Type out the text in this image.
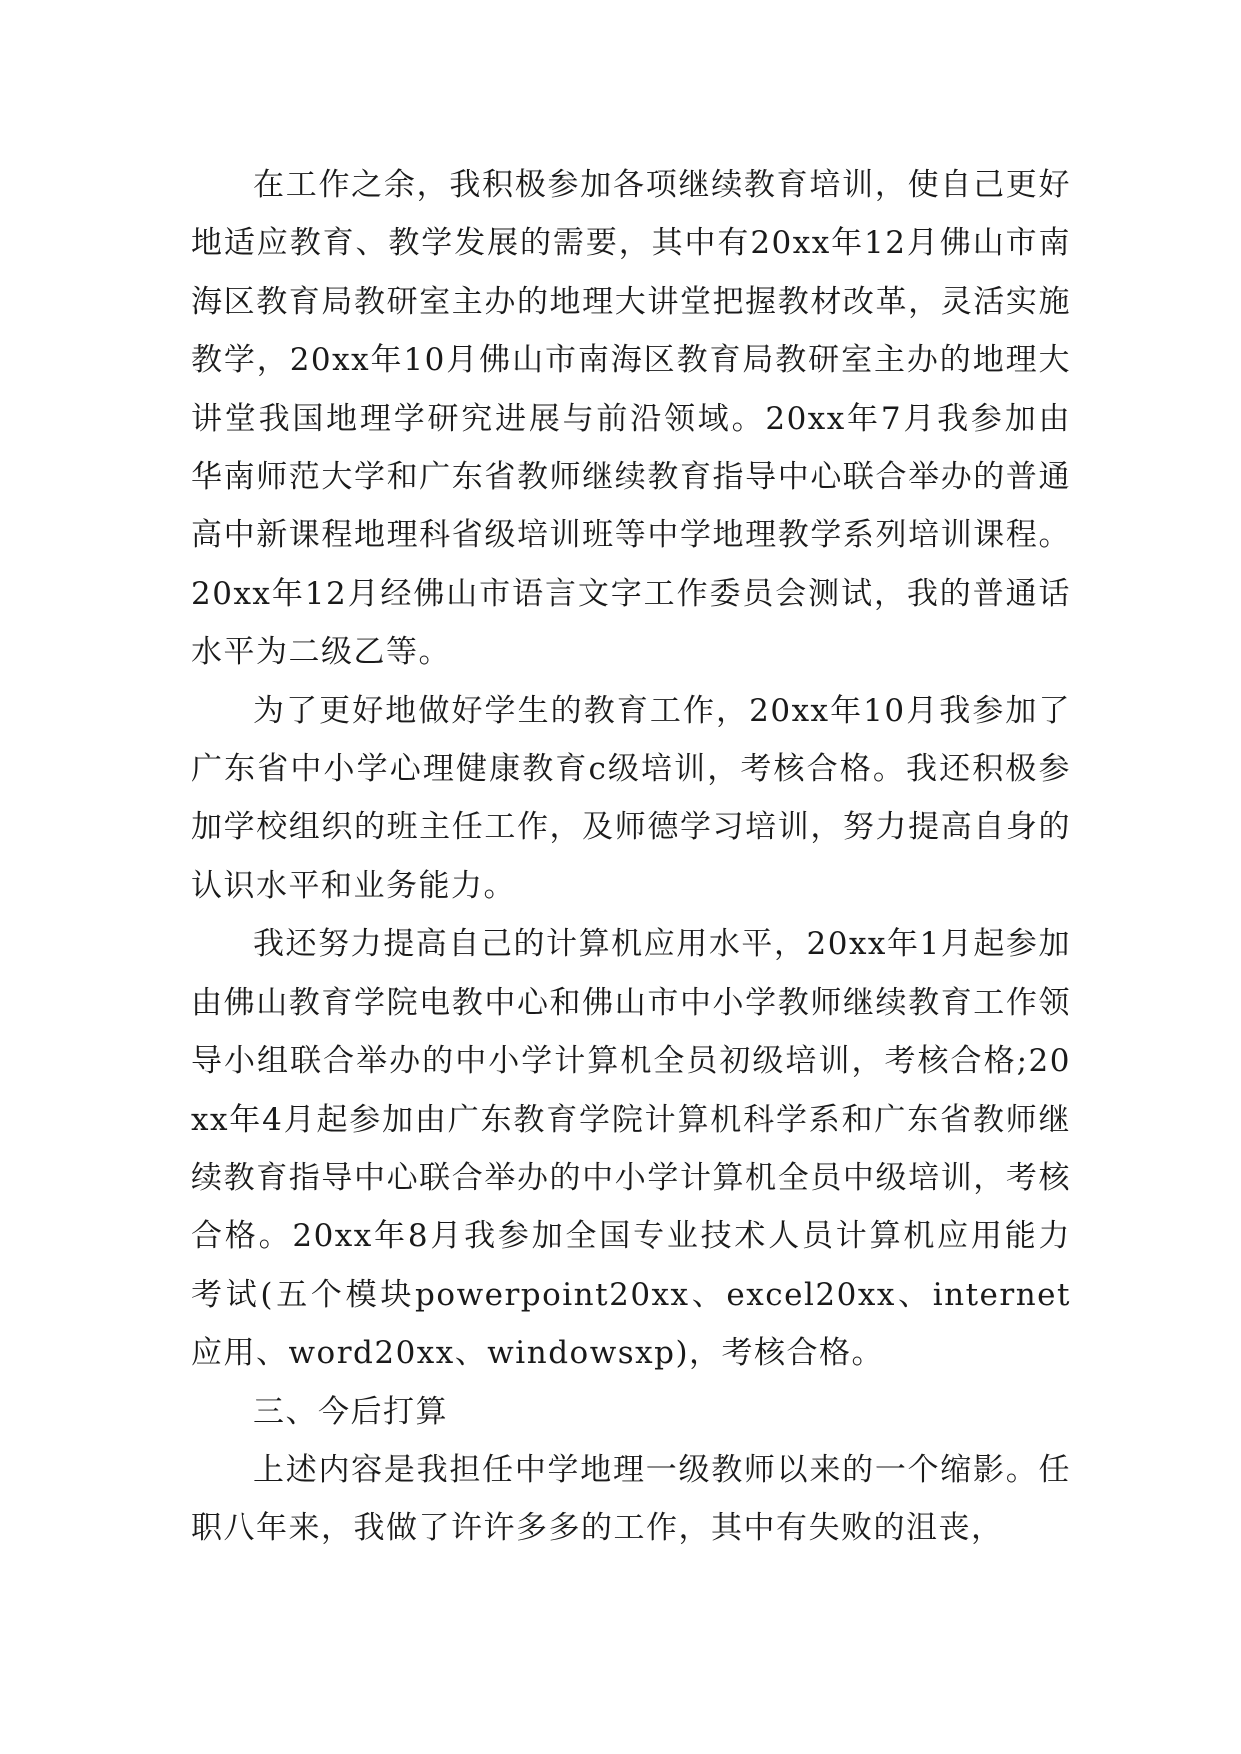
在工作之余，我积极参加各项继续教育培训，使自己更好地适应教育、教学发展的需要，其中有20xx年12月佛山市南海区教育局教研室主办的地理大讲堂把握教材改革，灵活实施教学，20xx年10月佛山市南海区教育局教研室主办的地理大讲堂我国地理学研究进展与前沿领域。20xx年7月我参加由华南师范大学和广东省教师继续教育指导中心联合举办的普通高中新课程地理科省级培训班等中学地理教学系列培训课程。20xx年12月经佛山市语言文字工作委员会测试，我的普通话水平为二级乙等。

为了更好地做好学生的教育工作，20xx年10月我参加了广东省中小学心理健康教育c级培训，考核合格。我还积极参加学校组织的班主任工作，及师德学习培训，努力提高自身的认识水平和业务能力。

我还努力提高自己的计算机应用水平，20xx年1月起参加由佛山教育学院电教中心和佛山市中小学教师继续教育工作领导小组联合举办的中小学计算机全员初级培训，考核合格;20xx年4月起参加由广东教育学院计算机科学系和广东省教师继续教育指导中心联合举办的中小学计算机全员中级培训，考核合格。20xx年8月我参加全国专业技术人员计算机应用能力考试(五个模块powerpoint20xx、excel20xx、internet应用、word20xx、windowsxp)，考核合格。

三、今后打算

上述内容是我担任中学地理一级教师以来的一个缩影。任职八年来，我做了许许多多的工作，其中有失败的沮丧，
